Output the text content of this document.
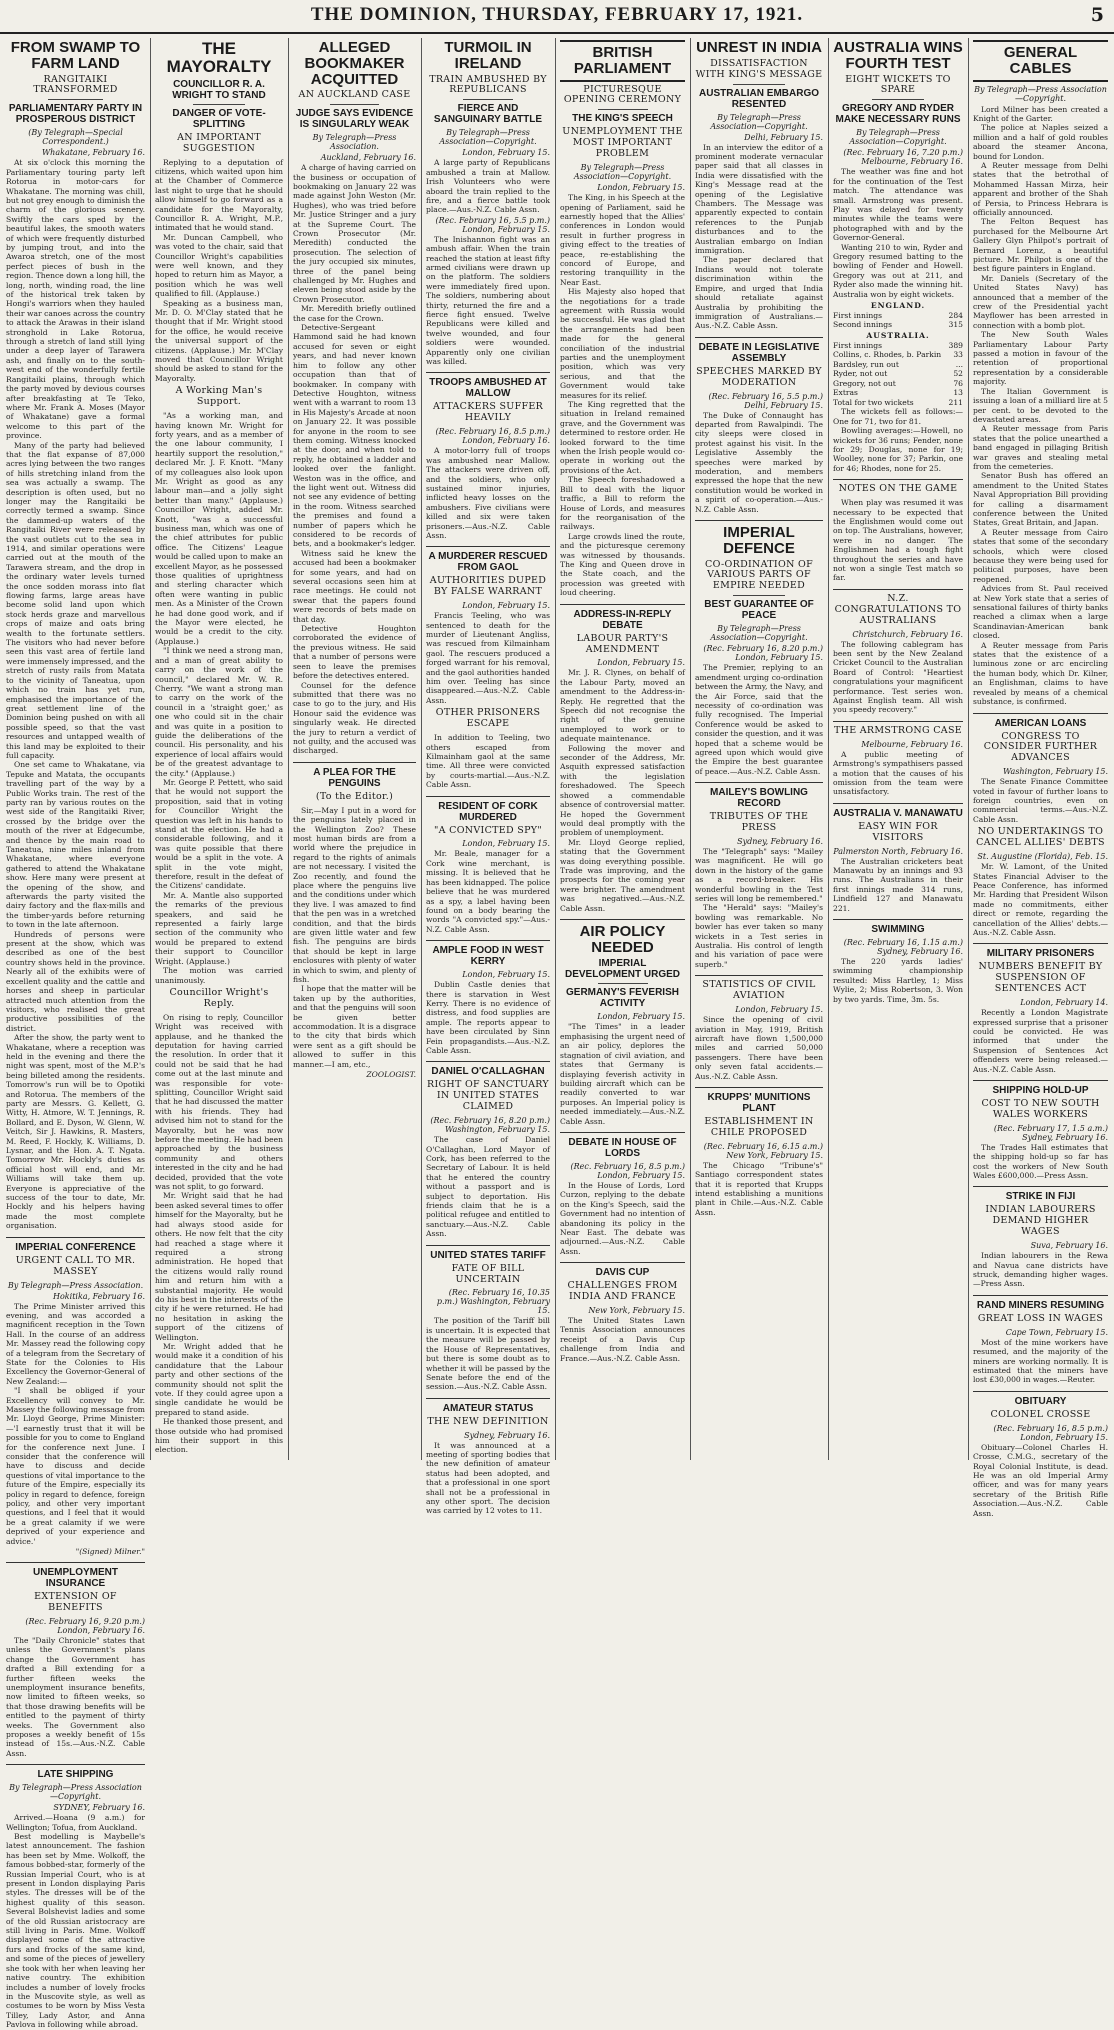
THE DOMINION, THURSDAY, FEBRUARY 17, 1921.	5
FROM SWAMP TO FARM LAND
RANGITAIKI TRANSFORMED
PARLIAMENTARY PARTY IN PROSPEROUS DISTRICT
(By Telegraph—Special Correspondent.)
Whakatane, February 16.

At six o'clock this morning the Parliamentary touring party left Rotorua in motor-cars for Whakatane. The morning was chill, but not grey enough to diminish the charm of the glorious scenery. Swiftly the cars sped by the beautiful lakes, the smooth waters of which were frequently disturbed by jumping trout, and into the Awaroa stretch, one of the most perfect pieces of bush in the region. Thence down a long hill, the long, north, winding road, the line of the historical trek taken by Hongi's warriors when they hauled their war canoes across the country to attack the Arawas in their island stronghold in Lake Rotorua, through a stretch of land still lying under a deep layer of Tarawera ash, and finally on to the south-west end of the wonderfully fertile Rangitaiki plains, through which the party moved by devious courses after breakfasting at Te Teko, where Mr. Frank A. Moses (Mayor of Whakatane) gave a formal welcome to this part of the province.

Many of the party had believed that the flat expanse of 87,000 acres lying between the two ranges of hills stretching inland from the sea was actually a swamp. The description is often used, but no longer may the Rangitaiki be correctly termed a swamp. Since the dammed-up waters of the Rangitaiki River were released by the vast outlets cut to the sea in 1914, and similar operations were carried out at the mouth of the Tarawera stream, and the drop in the ordinary water levels turned the once sodden morass into flat flowing farms, large areas have become solid land upon which stock herds graze and marvellous crops of maize and oats bring wealth to the fortunate settlers. The visitors who had never before seen this vast area of fertile land were immensely impressed, and the stretch of rusty rails from Matata to the vicinity of Taneatua, upon which no train has yet run, emphasised the importance of the great settlement line of the Dominion being pushed on with all possible speed, so that the vast resources and untapped wealth of this land may be exploited to their full capacity.

One set came to Whakatane, via Tepuke and Matata, the occupants travelling part of the way by a Public Works train. The rest of the party ran by various routes on the west side of the Rangitaiki River, crossed by the bridge over the mouth of the river at Edgecumbe, and thence by the main road to Taneatua, nine miles inland from Whakatane, where everyone gathered to attend the Whakatane show. Here many were present at the opening of the show, and afterwards the party visited the dairy factory and the flax-mills and the timber-yards before returning to town in the late afternoon.

Hundreds of persons were present at the show, which was described as one of the best country shows held in the province. Nearly all of the exhibits were of excellent quality and the cattle and horses and sheep in particular attracted much attention from the visitors, who realised the great productive possibilities of the district.

After the show, the party went to Whakatane, where a reception was held in the evening and there the night was spent, most of the M.P.'s being billeted among the residents. Tomorrow's run will be to Opotiki and Rotorua. The members of the party are Messrs. G. Kellett, G. Witty, H. Atmore, W. T. Jennings, R. Bollard, and E. Dyson, W. Glenn, W. Veitch, Sir J. Hawkins, R. Masters, M. Reed, F. Hockly, K. Williams, D. Lysnar, and the Hon. A. T. Ngata. Tomorrow Mr. Hockly's duties as official host will end, and Mr. Williams will take them up. Everyone is appreciative of the success of the tour to date, Mr. Hockly and his helpers having made the most complete organisation.

IMPERIAL CONFERENCE
URGENT CALL TO MR. MASSEY
By Telegraph—Press Association.
Hokitika, February 16.

The Prime Minister arrived this evening, and was accorded a magnificent reception in the Town Hall. In the course of an address Mr. Massey read the following copy of a telegram from the Secretary of State for the Colonies to His Excellency the Governor-General of New Zealand:—

"I shall be obliged if your Excellency will convey to Mr. Massey the following message from Mr. Lloyd George, Prime Minister:—'I earnestly trust that it will be possible for you to come to England for the conference next June. I consider that the conference will have to discuss and decide questions of vital importance to the future of the Empire, especially its policy in regard to defence, foreign policy, and other very important questions, and I feel that it would be a great calamity if we were deprived of your experience and advice.'

"(Signed) Milner."
UNEMPLOYMENT INSURANCE
EXTENSION OF BENEFITS
(Rec. February 16, 9.20 p.m.) London, February 16.

The "Daily Chronicle" states that unless the Government's plans change the Government has drafted a Bill extending for a further fifteen weeks the unemployment insurance benefits, now limited to fifteen weeks, so that those drawing benefits will be entitled to the payment of thirty weeks. The Government also proposes a weekly benefit of 15s instead of 15s.—Aus.-N.Z. Cable Assn.

LATE SHIPPING
By Telegraph—Press Association—Copyright.
SYDNEY, February 16.

Arrived.—Hoana (9 a.m.) for Wellington; Tofua, from Auckland.

Best modelling is Maybelle's latest announcement. The fashion has been set by Mme. Wolkoff, the famous bobbed-star, formerly of the Russian Imperial Court, who is at present in London displaying Paris styles. The dresses will be of the highest quality of this season. Several Bolshevist ladies and some of the old Russian aristocracy are still living in Paris. Mme. Wolkoff displayed some of the attractive furs and frocks of the same kind, and some of the pieces of jewellery she took with her when leaving her native country. The exhibition includes a number of lovely frocks in the Muscovite style, as well as costumes to be worn by Miss Vesta Tilley, Lady Astor, and Anna Pavlova in following while abroad.

THE MAYORALTY
COUNCILLOR R. A. WRIGHT TO STAND
DANGER OF VOTE-SPLITTING
AN IMPORTANT SUGGESTION

Replying to a deputation of citizens, which waited upon him at the Chamber of Commerce last night to urge that he should allow himself to go forward as a candidate for the Mayoralty, Councillor R. A. Wright, M.P., intimated that he would stand.

Mr. Duncan Campbell, who was voted to the chair, said that Councillor Wright's capabilities were well known, and they hoped to return him as Mayor, a position which he was well qualified to fill. (Applause.)

Speaking as a business man, Mr. D. O. M'Clay stated that he thought that if Mr. Wright stood for the office, he would receive the universal support of the citizens. (Applause.) Mr. M'Clay moved that Councillor Wright should be asked to stand for the Mayoralty.

A Working Man's Support.

"As a working man, and having known Mr. Wright for forty years, and as a member of the one labour community, I heartily support the resolution," declared Mr. J. F. Knott. "Many of my colleagues also look upon Mr. Wright as good as any labour man—and a jolly sight better than many." (Applause.) Councillor Wright, added Mr. Knott, "was a successful business man, which was one of the chief attributes for public office. The Citizens' League would be called upon to make an excellent Mayor, as he possessed those qualities of uprightness and sterling character which often were wanting in public men. As a Minister of the Crown he had done good work, and if the Mayor were elected, he would be a credit to the city. (Applause.)

"I think we need a strong man, and a man of great ability to carry on the work of the council," declared Mr. W. R. Cherry. "We want a strong man to carry on the work of the council in a 'straight goer,' as one who could sit in the chair and was quite in a position to guide the deliberations of the council. His personality, and his experience of local affairs would be of the greatest advantage to the city." (Applause.)

Mr. George P. Pettett, who said that he would not support the proposition, said that in voting for Councillor Wright the question was left in his hands to stand at the election. He had a considerable following, and it was quite possible that there would be a split in the vote. A split in the vote might, therefore, result in the defeat of the Citizens' candidate.

Mr. A. Mantle also supported the remarks of the previous speakers, and said he represented a fairly large section of the community who would be prepared to extend their support to Councillor Wright. (Applause.)

The motion was carried unanimously.

Councillor Wright's Reply.

On rising to reply, Councillor Wright was received with applause, and he thanked the deputation for having carried the resolution. In order that it could not be said that he had come out at the last minute and was responsible for vote-splitting, Councillor Wright said that he had discussed the matter with his friends. They had advised him not to stand for the Mayoralty, but he was now before the meeting. He had been approached by the business community and others interested in the city and he had decided, provided that the vote was not split, to go forward.

Mr. Wright said that he had been asked several times to offer himself for the Mayoralty, but he had always stood aside for others. He now felt that the city had reached a stage where it required a strong administration. He hoped that the citizens would rally round him and return him with a substantial majority. He would do his best in the interests of the city if he were returned. He had no hesitation in asking the support of the citizens of Wellington.

Mr. Wright added that he would make it a condition of his candidature that the Labour party and other sections of the community should not split the vote. If they could agree upon a single candidate he would be prepared to stand aside.

He thanked those present, and those outside who had promised him their support in this election.

ALLEGED BOOKMAKER ACQUITTED
AN AUCKLAND CASE
JUDGE SAYS EVIDENCE IS SINGULARLY WEAK
By Telegraph—Press Association.
Auckland, February 16.

A charge of having carried on the business or occupation of bookmaking on January 22 was made against John Weston (Mr. Hughes), who was tried before Mr. Justice Stringer and a jury at the Supreme Court. The Crown Prosecutor (Mr. Meredith) conducted the prosecution. The selection of the jury occupied six minutes, three of the panel being challenged by Mr. Hughes and eleven being stood aside by the Crown Prosecutor.

Mr. Meredith briefly outlined the case for the Crown.

Detective-Sergeant Hammond said he had known accused for seven or eight years, and had never known him to follow any other occupation than that of bookmaker. In company with Detective Houghton, witness went with a warrant to room 13 in His Majesty's Arcade at noon on January 22. It was possible for anyone in the room to see them coming. Witness knocked at the door, and when told to reply, he obtained a ladder and looked over the fanlight. Weston was in the office, and the light went out. Witness did not see any evidence of betting in the room. Witness searched the premises and found a number of papers which he considered to be records of bets, and a bookmaker's ledger.

Witness said he knew the accused had been a bookmaker for some years, and had on several occasions seen him at race meetings. He could not swear that the papers found were records of bets made on that day.

Detective Houghton corroborated the evidence of the previous witness. He said that a number of persons were seen to leave the premises before the detectives entered.

Counsel for the defence submitted that there was no case to go to the jury, and His Honour said the evidence was singularly weak. He directed the jury to return a verdict of not guilty, and the accused was discharged.

A PLEA FOR THE PENGUINS
(To the Editor.)

Sir,—May I put in a word for the penguins lately placed in the Wellington Zoo? These most human birds are from a world where the prejudice in regard to the rights of animals are not necessary. I visited the Zoo recently, and found the place where the penguins live and the conditions under which they live. I was amazed to find that the pen was in a wretched condition, and that the birds are given little water and few fish. The penguins are birds that should be kept in large enclosures with plenty of water in which to swim, and plenty of fish.

I hope that the matter will be taken up by the authorities, and that the penguins will soon be given better accommodation. It is a disgrace to the city that birds which were sent as a gift should be allowed to suffer in this manner.—I am, etc.,

ZOOLOGIST.
TURMOIL IN IRELAND
TRAIN AMBUSHED BY REPUBLICANS
FIERCE AND SANGUINARY BATTLE
By Telegraph—Press Association—Copyright.
London, February 15.

A large party of Republicans ambushed a train at Mallow. Irish Volunteers who were aboard the train replied to the fire, and a fierce battle took place.—Aus.-N.Z. Cable Assn.

(Rec. February 16, 5.5 p.m.) London, February 15.

The Inishannon fight was an ambush affair. When the train reached the station at least fifty armed civilians were drawn up on the platform. The soldiers were immediately fired upon. The soldiers, numbering about thirty, returned the fire and a fierce fight ensued. Twelve Republicans were killed and twelve wounded, and four soldiers were wounded. Apparently only one civilian was killed.

TROOPS AMBUSHED AT MALLOW
ATTACKERS SUFFER HEAVILY
(Rec. February 16, 8.5 p.m.) London, February 16.

A motor-lorry full of troops was ambushed near Mallow. The attackers were driven off, and the soldiers, who only sustained minor injuries, inflicted heavy losses on the ambushers. Five civilians were killed and six were taken prisoners.—Aus.-N.Z. Cable Assn.

A MURDERER RESCUED FROM GAOL
AUTHORITIES DUPED BY FALSE WARRANT
London, February 15.

Francis Teeling, who was sentenced to death for the murder of Lieutenant Angliss, was rescued from Kilmainham gaol. The rescuers produced a forged warrant for his removal, and the gaol authorities handed him over. Teeling has since disappeared.—Aus.-N.Z. Cable Assn.

OTHER PRISONERS ESCAPE

In addition to Teeling, two others escaped from Kilmainham gaol at the same time. All three were convicted by courts-martial.—Aus.-N.Z. Cable Assn.

RESIDENT OF CORK MURDERED
"A CONVICTED SPY"
London, February 15.

Mr. Beale, manager for a Cork wine merchant, is missing. It is believed that he has been kidnapped. The police believe that he was murdered as a spy, a label having been found on a body bearing the words "A convicted spy."—Aus.-N.Z. Cable Assn.

AMPLE FOOD IN WEST KERRY
London, February 15.

Dublin Castle denies that there is starvation in West Kerry. There is no evidence of distress, and food supplies are ample. The reports appear to have been circulated by Sinn Fein propagandists.—Aus.-N.Z. Cable Assn.

DANIEL O'CALLAGHAN
RIGHT OF SANCTUARY IN UNITED STATES CLAIMED
(Rec. February 16, 8.20 p.m.) Washington, February 15.

The case of Daniel O'Callaghan, Lord Mayor of Cork, has been referred to the Secretary of Labour. It is held that he entered the country without a passport and is subject to deportation. His friends claim that he is a political refugee and entitled to sanctuary.—Aus.-N.Z. Cable Assn.

UNITED STATES TARIFF
FATE OF BILL UNCERTAIN
(Rec. February 16, 10.35 p.m.) Washington, February 15.

The position of the Tariff bill is uncertain. It is expected that the measure will be passed by the House of Representatives, but there is some doubt as to whether it will be passed by the Senate before the end of the session.—Aus.-N.Z. Cable Assn.

AMATEUR STATUS
THE NEW DEFINITION
Sydney, February 16.

It was announced at a meeting of sporting bodies that the new definition of amateur status had been adopted, and that a professional in one sport shall not be a professional in any other sport. The decision was carried by 12 votes to 11.

BRITISH PARLIAMENT
PICTURESQUE OPENING CEREMONY
THE KING'S SPEECH
UNEMPLOYMENT THE MOST IMPORTANT PROBLEM
By Telegraph—Press Association—Copyright.
London, February 15.

The King, in his Speech at the opening of Parliament, said he earnestly hoped that the Allies' conferences in London would result in further progress in giving effect to the treaties of peace, re-establishing the concord of Europe, and restoring tranquillity in the Near East.

His Majesty also hoped that the negotiations for a trade agreement with Russia would be successful. He was glad that the arrangements had been made for the general conciliation of the industrial parties and the unemployment position, which was very serious, and that the Government would take measures for its relief.

The King regretted that the situation in Ireland remained grave, and the Government was determined to restore order. He looked forward to the time when the Irish people would co-operate in working out the provisions of the Act.

The Speech foreshadowed a Bill to deal with the liquor traffic, a Bill to reform the House of Lords, and measures for the reorganisation of the railways.

Large crowds lined the route, and the picturesque ceremony was witnessed by thousands. The King and Queen drove in the State coach, and the procession was greeted with loud cheering.

ADDRESS-IN-REPLY DEBATE
LABOUR PARTY'S AMENDMENT
London, February 15.

Mr. J. R. Clynes, on behalf of the Labour Party, moved an amendment to the Address-in-Reply. He regretted that the Speech did not recognise the right of the genuine unemployed to work or to adequate maintenance.

Following the mover and seconder of the Address, Mr. Asquith expressed satisfaction with the legislation foreshadowed. The Speech showed a commendable absence of controversial matter. He hoped the Government would deal promptly with the problem of unemployment.

Mr. Lloyd George replied, stating that the Government was doing everything possible. Trade was improving, and the prospects for the coming year were brighter. The amendment was negatived.—Aus.-N.Z. Cable Assn.

AIR POLICY NEEDED
IMPERIAL DEVELOPMENT URGED
GERMANY'S FEVERISH ACTIVITY
London, February 15.

"The Times" in a leader emphasising the urgent need of an air policy, deplores the stagnation of civil aviation, and states that Germany is displaying feverish activity in building aircraft which can be readily converted to war purposes. An Imperial policy is needed immediately.—Aus.-N.Z. Cable Assn.

DEBATE IN HOUSE OF LORDS
(Rec. February 16, 8.5 p.m.) London, February 15.

In the House of Lords, Lord Curzon, replying to the debate on the King's Speech, said the Government had no intention of abandoning its policy in the Near East. The debate was adjourned.—Aus.-N.Z. Cable Assn.

DAVIS CUP
CHALLENGES FROM INDIA AND FRANCE
New York, February 15.

The United States Lawn Tennis Association announces receipt of a Davis Cup challenge from India and France.—Aus.-N.Z. Cable Assn.

UNREST IN INDIA
DISSATISFACTION WITH KING'S MESSAGE
AUSTRALIAN EMBARGO RESENTED
By Telegraph—Press Association—Copyright.
Delhi, February 15.

In an interview the editor of a prominent moderate vernacular paper said that all classes in India were dissatisfied with the King's Message read at the opening of the Legislative Chambers. The Message was apparently expected to contain references to the Punjab disturbances and to the Australian embargo on Indian immigration.

The paper declared that Indians would not tolerate discrimination within the Empire, and urged that India should retaliate against Australia by prohibiting the immigration of Australians.—Aus.-N.Z. Cable Assn.

DEBATE IN LEGISLATIVE ASSEMBLY
SPEECHES MARKED BY MODERATION
(Rec. February 16, 5.5 p.m.) Delhi, February 15.

The Duke of Connaught has departed from Rawalpindi. The city sleeps were closed in protest against his visit. In the Legislative Assembly the speeches were marked by moderation, and members expressed the hope that the new constitution would be worked in a spirit of co-operation.—Aus.-N.Z. Cable Assn.

IMPERIAL DEFENCE
CO-ORDINATION OF VARIOUS PARTS OF EMPIRE NEEDED
BEST GUARANTEE OF PEACE
By Telegraph—Press Association—Copyright.
(Rec. February 16, 8.20 p.m.) London, February 15.

The Premier, replying to an amendment urging co-ordination between the Army, the Navy, and the Air Force, said that the necessity of co-ordination was fully recognised. The Imperial Conference would be asked to consider the question, and it was hoped that a scheme would be agreed upon which would give the Empire the best guarantee of peace.—Aus.-N.Z. Cable Assn.

MAILEY'S BOWLING RECORD
TRIBUTES OF THE PRESS
Sydney, February 16.

The "Telegraph" says: "Mailey was magnificent. He will go down in the history of the game as a record-breaker. His wonderful bowling in the Test series will long be remembered."

The "Herald" says: "Mailey's bowling was remarkable. No bowler has ever taken so many wickets in a Test series in Australia. His control of length and his variation of pace were superb."

STATISTICS OF CIVIL AVIATION
London, February 15.

Since the opening of civil aviation in May, 1919, British aircraft have flown 1,500,000 miles and carried 50,000 passengers. There have been only seven fatal accidents.—Aus.-N.Z. Cable Assn.

KRUPPS' MUNITIONS PLANT
ESTABLISHMENT IN CHILE PROPOSED
(Rec. February 16, 6.15 a.m.) New York, February 15.

The Chicago "Tribune's" Santiago correspondent states that it is reported that Krupps intend establishing a munitions plant in Chile.—Aus.-N.Z. Cable Assn.

AUSTRALIA WINS FOURTH TEST
EIGHT WICKETS TO SPARE
GREGORY AND RYDER MAKE NECESSARY RUNS
By Telegraph—Press Association—Copyright.
(Rec. February 16, 7.20 p.m.) Melbourne, February 16.

The weather was fine and hot for the continuation of the Test match. The attendance was small. Armstrong was present. Play was delayed for twenty minutes while the teams were photographed with and by the Governor-General.

Wanting 210 to win, Ryder and Gregory resumed batting to the bowling of Fender and Howell. Gregory was out at 211, and Ryder also made the winning hit. Australia won by eight wickets.

ENGLAND.
First innings	284
Second innings	315
AUSTRALIA.
First innings	389
Collins, c. Rhodes, b. Parkin 33
Bardsley, run out	...
Ryder, not out	52
Gregory, not out	76
Extras	13
Total for two wickets	211

The wickets fell as follows:—One for 71, two for 81.

Bowling averages:—Howell, no wickets for 36 runs; Fender, none for 29; Douglas, none for 19; Woolley, none for 37; Parkin, one for 46; Rhodes, none for 25.

NOTES ON THE GAME

When play was resumed it was necessary to be expected that the Englishmen would come out on top. The Australians, however, were in no danger. The Englishmen had a tough fight throughout the series and have not won a single Test match so far.

N.Z. CONGRATULATIONS TO AUSTRALIANS
Christchurch, February 16.

The following cablegram has been sent by the New Zealand Cricket Council to the Australian Board of Control: "Heartiest congratulations your magnificent performance. Test series won. Against English team. All wish you speedy recovery."

THE ARMSTRONG CASE
Melbourne, February 16.

A public meeting of Armstrong's sympathisers passed a motion that the causes of his omission from the team were unsatisfactory.

AUSTRALIA V. MANAWATU
EASY WIN FOR VISITORS
Palmerston North, February 16.

The Australian cricketers beat Manawatu by an innings and 93 runs. The Australians in their first innings made 314 runs, Lindfield 127 and Manawatu 221.

SWIMMING
(Rec. February 16, 1.15 a.m.) Sydney, February 16.

The 220 yards ladies' swimming championship resulted: Miss Hartley, 1; Miss Wylie, 2; Miss Robertson, 3. Won by two yards. Time, 3m. 5s.

GENERAL CABLES
By Telegraph—Press Association—Copyright.

Lord Milner has been created a Knight of the Garter.

The police at Naples seized a million and a half of gold roubles aboard the steamer Ancona, bound for London.

A Reuter message from Delhi states that the betrothal of Mohammed Hassan Mirza, heir apparent and brother of the Shah of Persia, to Princess Hebrara is officially announced.

The Felton Bequest has purchased for the Melbourne Art Gallery Glyn Philpot's portrait of Bernard Lorenz, a beautiful picture. Mr. Philpot is one of the best figure painters in England.

Mr. Daniels (Secretary of the United States Navy) has announced that a member of the crew of the Presidential yacht Mayflower has been arrested in connection with a bomb plot.

The New South Wales Parliamentary Labour Party passed a motion in favour of the retention of proportional representation by a considerable majority.

The Italian Government is issuing a loan of a milliard lire at 5 per cent. to be devoted to the devastated areas.

A Reuter message from Paris states that the police unearthed a band engaged in pillaging British war graves and stealing metal from the cemeteries.

Senator Bush has offered an amendment to the United States Naval Appropriation Bill providing for calling a disarmament conference between the United States, Great Britain, and Japan.

A Reuter message from Cairo states that some of the secondary schools, which were closed because they were being used for political purposes, have been reopened.

Advices from St. Paul received at New York state that a series of sensational failures of thirty banks reached a climax when a large Scandinavian-American bank closed.

A Reuter message from Paris states that the existence of a luminous zone or arc encircling the human body, which Dr. Kilner, an Englishman, claims to have revealed by means of a chemical substance, is confirmed.

AMERICAN LOANS
CONGRESS TO CONSIDER FURTHER ADVANCES
Washington, February 15.

The Senate Finance Committee voted in favour of further loans to foreign countries, even on commercial terms.—Aus.-N.Z. Cable Assn.

NO UNDERTAKINGS TO CANCEL ALLIES' DEBTS
St. Augustine (Florida), Feb. 15.

Mr. W. Lamont, of the United States Financial Adviser to the Peace Conference, has informed Mr. Harding that President Wilson made no commitments, either direct or remote, regarding the cancellation of the Allies' debts.—Aus.-N.Z. Cable Assn.

MILITARY PRISONERS
NUMBERS BENEFIT BY SUSPENSION OF SENTENCES ACT
London, February 14.

Recently a London Magistrate expressed surprise that a prisoner could be convicted. He was informed that under the Suspension of Sentences Act offenders were being released.—Aus.-N.Z. Cable Assn.

SHIPPING HOLD-UP
COST TO NEW SOUTH WALES WORKERS
(Rec. February 17, 1.5 a.m.) Sydney, February 16.

The Trades Hall estimates that the shipping hold-up so far has cost the workers of New South Wales £600,000.—Press Assn.

STRIKE IN FIJI
INDIAN LABOURERS DEMAND HIGHER WAGES
Suva, February 16.

Indian labourers in the Rewa and Navua cane districts have struck, demanding higher wages.—Press Assn.

RAND MINERS RESUMING
GREAT LOSS IN WAGES
Cape Town, February 15.

Most of the mine workers have resumed, and the majority of the miners are working normally. It is estimated that the miners have lost £30,000 in wages.—Reuter.

OBITUARY
COLONEL CROSSE
(Rec. February 16, 8.5 p.m.) London, February 15.

Obituary—Colonel Charles H. Crosse, C.M.G., secretary of the Royal Colonial Institute, is dead. He was an old Imperial Army officer, and was for many years secretary of the British Rifle Association.—Aus.-N.Z. Cable Assn.
